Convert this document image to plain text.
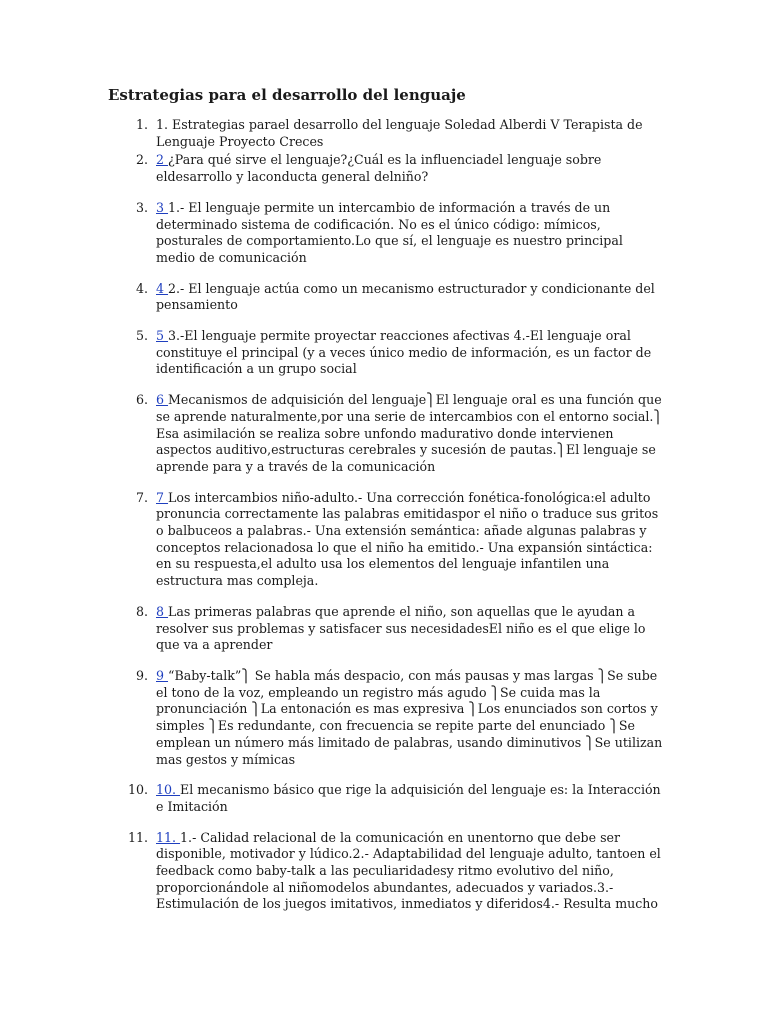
Estrategias para el desarrollo del lenguaje
1. 1. Estrategias parael desarrollo del lenguaje Soledad Alberdi V Terapista de Lenguaje Proyecto Creces
2. 2 ¿Para qué sirve el lenguaje?¿Cuál es la influenciadel lenguaje sobre eldesarrollo y laconducta general delniño?
3. 3 1.- El lenguaje permite un intercambio de información a través de un determinado sistema de codificación. No es el único código: mímicos, posturales de comportamiento.Lo que sí, el lenguaje es nuestro principal medio de comunicación
4. 4 2.- El lenguaje actúa como un mecanismo estructurador y condicionante del pensamiento
5. 5 3.-El lenguaje permite proyectar reacciones afectivas 4.-El lenguaje oral constituye el principal (y a veces único medio de información, es un factor de identificación a un grupo social
6. 6 Mecanismos de adquisición del lenguaje⎫El lenguaje oral es una función que se aprende naturalmente,por una serie de intercambios con el entorno social.⎫ Esa asimilación se realiza sobre unfondo madurativo donde intervienen aspectos auditivo,estructuras cerebrales y sucesión de pautas.⎫El lenguaje se aprende para y a través de la comunicación
7. 7 Los intercambios niño-adulto.- Una corrección fonética-fonológica:el adulto pronuncia correctamente las palabras emitidaspor el niño o traduce sus gritos o balbuceos a palabras.- Una extensión semántica: añade algunas palabras y conceptos relacionadosa lo que el niño ha emitido.- Una expansión sintáctica: en su respuesta,el adulto usa los elementos del lenguaje infantilen una estructura mas compleja.
8. 8 Las primeras palabras que aprende el niño, son aquellas que le ayudan a resolver sus problemas y satisfacer sus necesidadesEl niño es el que elige lo que va a aprender
9. 9 “Baby-talk”⎫ Se habla más despacio, con más pausas y mas largas ⎫Se sube el tono de la voz, empleando un registro más agudo ⎫Se cuida mas la pronunciación ⎫La entonación es mas expresiva ⎫Los enunciados son cortos y simples ⎫Es redundante, con frecuencia se repite parte del enunciado ⎫Se emplean un número más limitado de palabras, usando diminutivos ⎫Se utilizan mas gestos y mímicas
10. 10. El mecanismo básico que rige la adquisición del lenguaje es: la Interacción e Imitación
11. 11. 1.- Calidad relacional de la comunicación en unentorno que debe ser disponible, motivador y lúdico.2.- Adaptabilidad del lenguaje adulto, tantoen el feedback como baby-talk a las peculiaridadesy ritmo evolutivo del niño, proporcionándole al niñomodelos abundantes, adecuados y variados.3.- Estimulación de los juegos imitativos, inmediatos y diferidos4.- Resulta mucho
